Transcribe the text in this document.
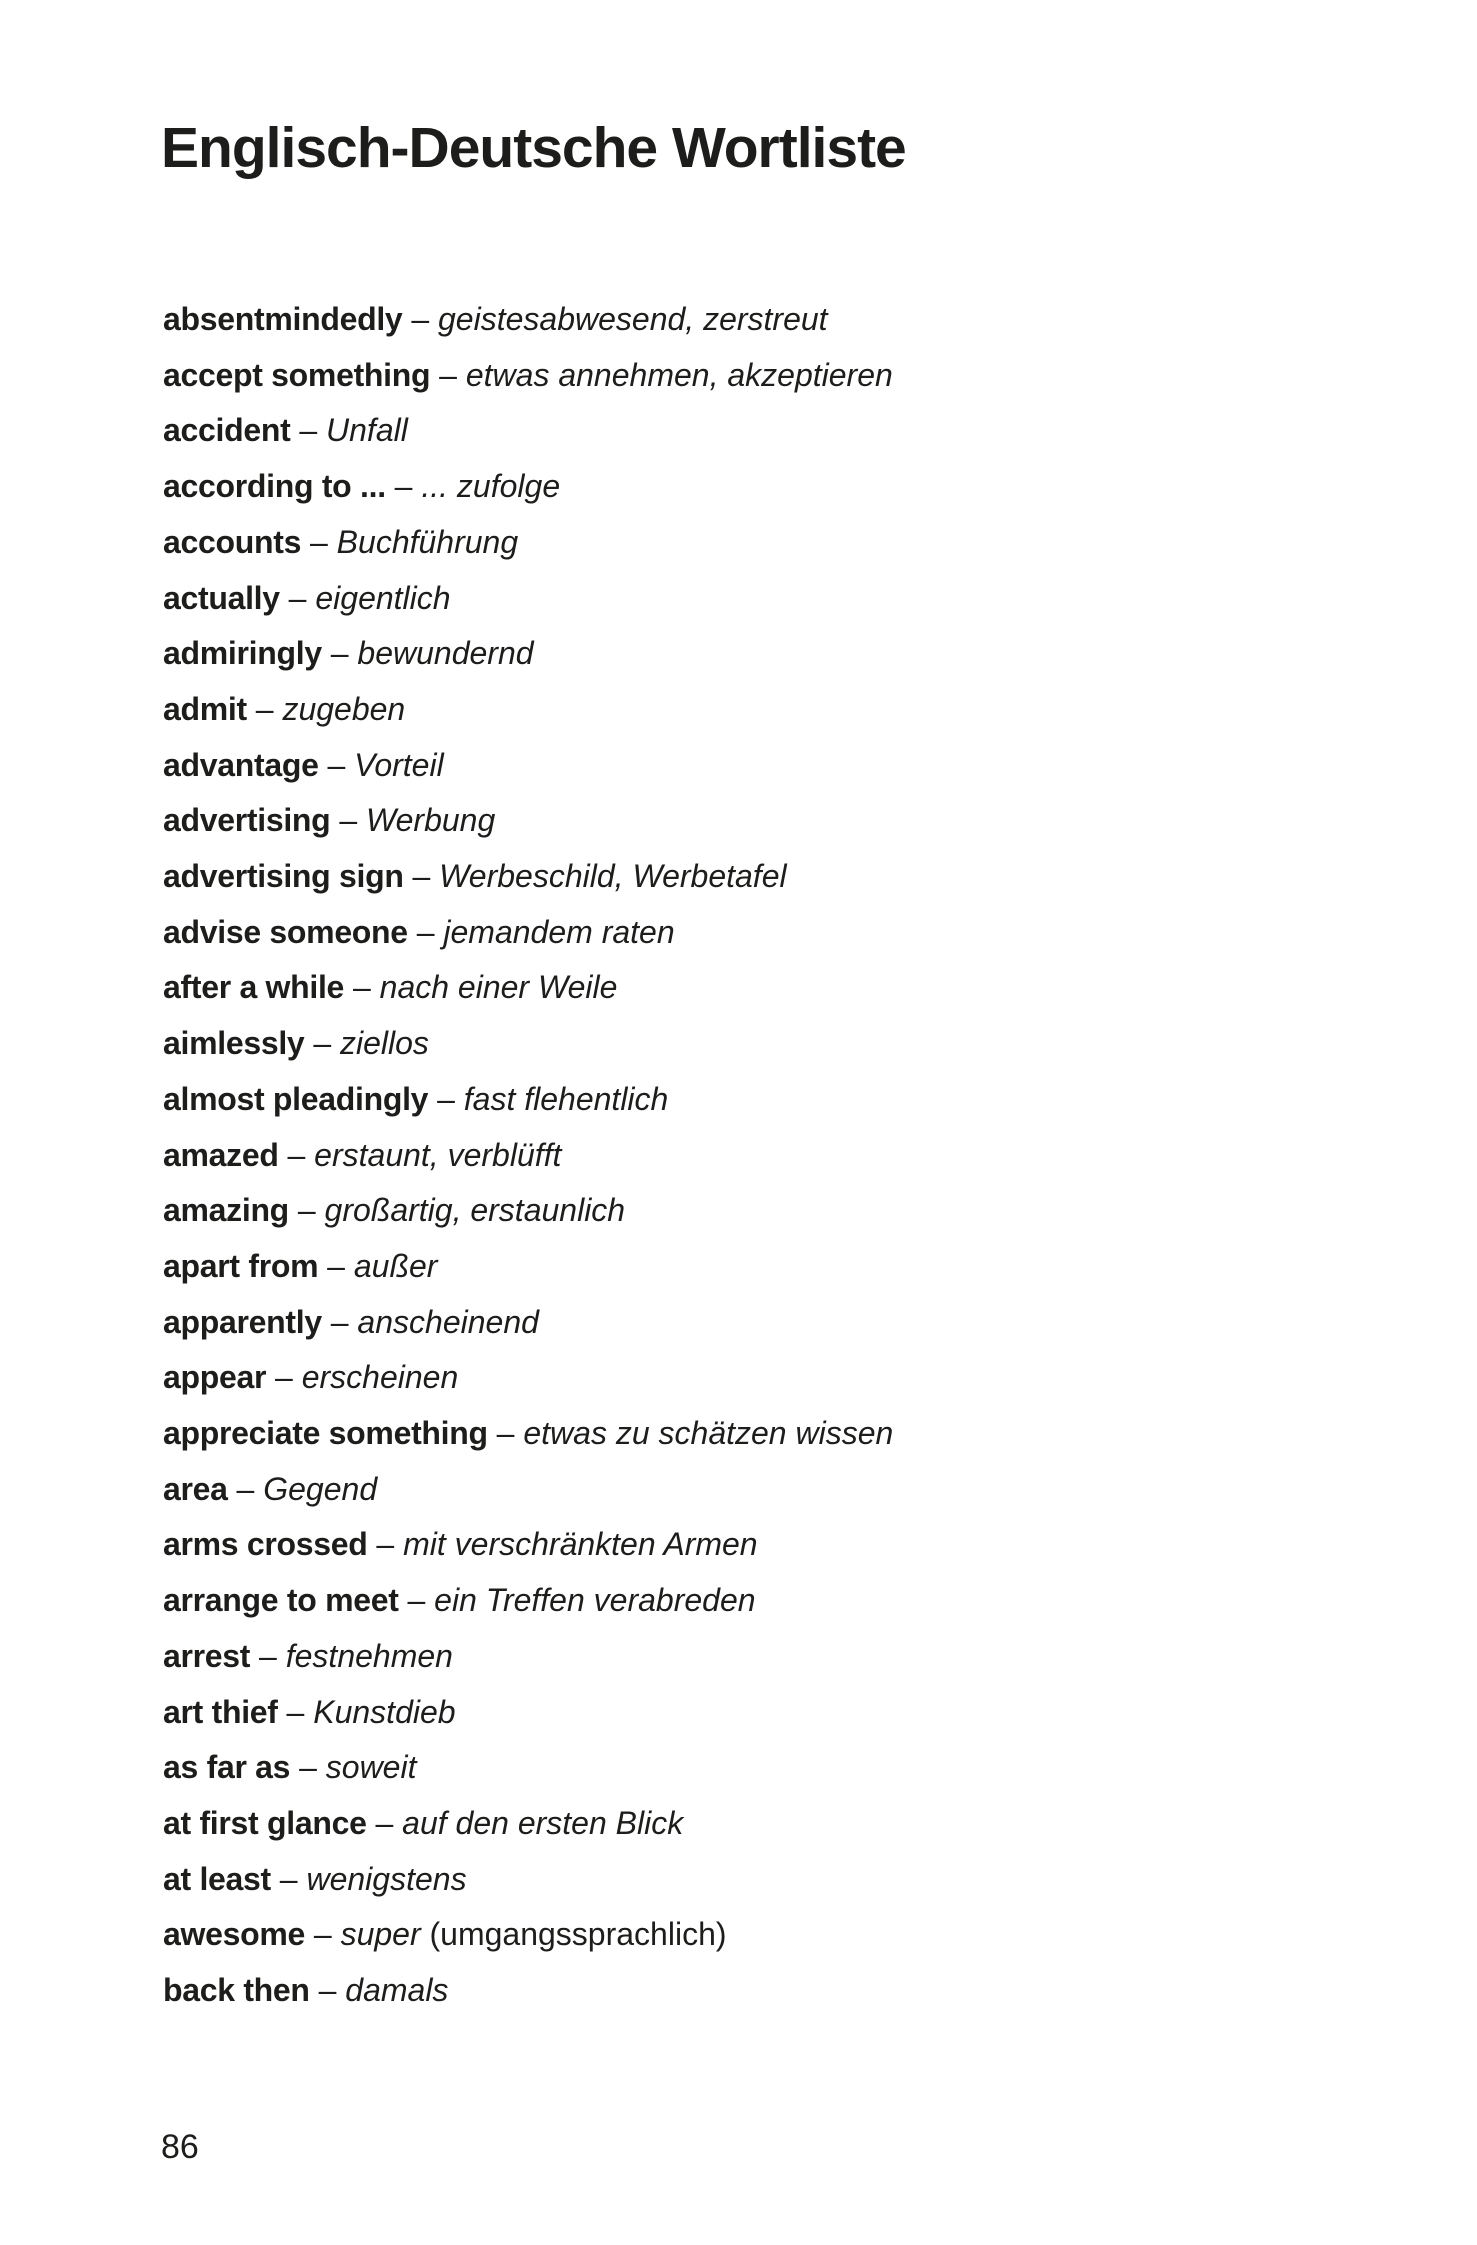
Englisch-Deutsche Wortliste
absentmindedly – geistesabwesend, zerstreut
accept something – etwas annehmen, akzeptieren
accident – Unfall
according to ... – ... zufolge
accounts – Buchführung
actually – eigentlich
admiringly – bewundernd
admit – zugeben
advantage – Vorteil
advertising – Werbung
advertising sign – Werbeschild, Werbetafel
advise someone – jemandem raten
after a while – nach einer Weile
aimlessly – ziellos
almost pleadingly – fast flehentlich
amazed – erstaunt, verblüfft
amazing – großartig, erstaunlich
apart from – außer
apparently – anscheinend
appear – erscheinen
appreciate something – etwas zu schätzen wissen
area – Gegend
arms crossed – mit verschränkten Armen
arrange to meet – ein Treffen verabreden
arrest – festnehmen
art thief – Kunstdieb
as far as – soweit
at first glance – auf den ersten Blick
at least – wenigstens
awesome – super (umgangssprachlich)
back then – damals
86
